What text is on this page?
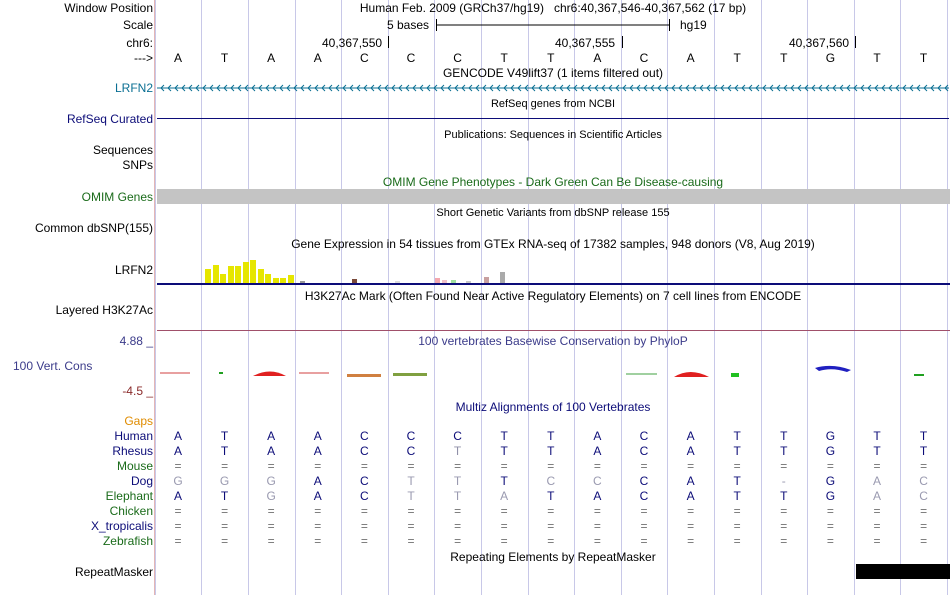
Window Position	Human Feb. 2009 (GRCh37/hg19)   chr6:40,367,546-40,367,562 (17 bp)
Scale	5 bases	hg19
chr6:	40,367,550	40,367,555	40,367,560
--->	A	T	A	A	C	C	C	T	T	A	C	A	T	T	G	T	T
GENCODE V49lift37 (1 items filtered out)
LRFN2
RefSeq genes from NCBI
RefSeq Curated
Publications: Sequences in Scientific Articles
Sequences
SNPs
OMIM Gene Phenotypes - Dark Green Can Be Disease-causing
OMIM Genes
Short Genetic Variants from dbSNP release 155
Common dbSNP(155)
Gene Expression in 54 tissues from GTEx RNA-seq of 17382 samples, 948 donors (V8, Aug 2019)
LRFN2
H3K27Ac Mark (Often Found Near Active Regulatory Elements) on 7 cell lines from ENCODE
Layered H3K27Ac
4.88 _	100 vertebrates Basewise Conservation by PhyloP
100 Vert. Cons
-4.5 _
Multiz Alignments of 100 Vertebrates
Gaps
Human	A	T	A	A	C	C	C	T	T	A	C	A	T	T	G	T	T
Rhesus	A	T	A	A	C	C	T	T	T	A	C	A	T	T	G	T	T
Mouse	=	=	=	=	=	=	=	=	=	=	=	=	=	=	=	=	=
Dog	G	G	G	A	C	T	T	T	C	C	C	A	T	-	G	A	C
Elephant	A	T	G	A	C	T	T	A	T	A	C	A	T	T	G	A	C
Chicken	=	=	=	=	=	=	=	=	=	=	=	=	=	=	=	=	=
X_tropicalis	=	=	=	=	=	=	=	=	=	=	=	=	=	=	=	=	=
Zebrafish	=	=	=	=	=	=	=	=	=	=	=	=	=	=	=	=	=
Repeating Elements by RepeatMasker
RepeatMasker
